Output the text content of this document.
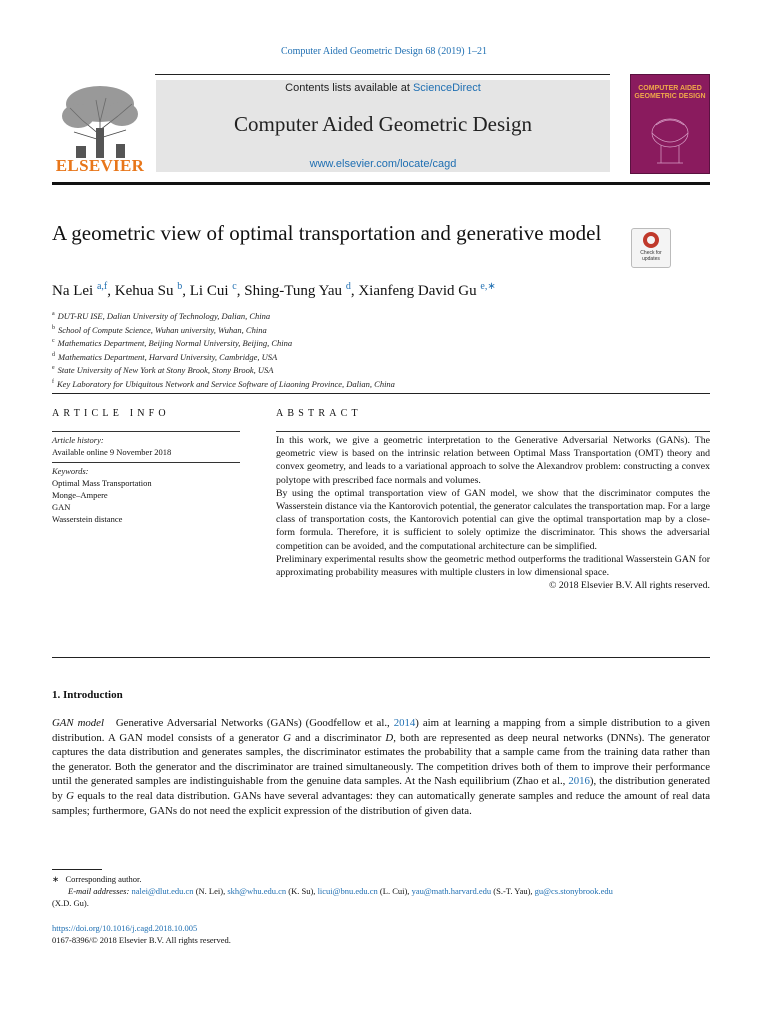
Computer Aided Geometric Design 68 (2019) 1–21
ELSEVIER
Contents lists available at ScienceDirect
Computer Aided Geometric Design
www.elsevier.com/locate/cagd
COMPUTER AIDED GEOMETRIC DESIGN
A geometric view of optimal transportation and generative model
Check for updates
Na Lei $^{a,f}$, Kehua Su $^b$, Li Cui $^c$, Shing-Tung Yau $^d$, Xianfeng David Gu $^{e,∗}$
$^a$ DUT-RU ISE, Dalian University of Technology, Dalian, China
$^b$ School of Compute Science, Wuhan university, Wuhan, China
$^c$ Mathematics Department, Beijing Normal University, Beijing, China
$^d$ Mathematics Department, Harvard University, Cambridge, USA
$^e$ State University of New York at Stony Brook, Stony Brook, USA
$^f$ Key Laboratory for Ubiquitous Network and Service Software of Liaoning Province, Dalian, China
ARTICLE INFO
Article history:
Available online 9 November 2018
Keywords:
Optimal Mass Transportation
Monge–Ampere
GAN
Wasserstein distance
ABSTRACT

In this work, we give a geometric interpretation to the Generative Adversarial Networks (GANs). The geometric view is based on the intrinsic relation between Optimal Mass Transportation (OMT) theory and convex geometry, and leads to a variational approach to solve the Alexandrov problem: constructing a convex polytope with prescribed face normals and volumes.

By using the optimal transportation view of GAN model, we show that the discriminator computes the Wasserstein distance via the Kantorovich potential, the generator calculates the transportation map. For a large class of transportation costs, the Kantorovich potential can give the optimal transportation map by a close-form formula. Therefore, it is sufficient to solely optimize the discriminator. This shows the adversarial competition can be avoided, and the computational architecture can be simplified.

Preliminary experimental results show the geometric method outperforms the traditional Wasserstein GAN for approximating probability measures with multiple clusters in low dimensional space.

© 2018 Elsevier B.V. All rights reserved.
1. Introduction
GAN model Generative Adversarial Networks (GANs) (Goodfellow et al., 2014) aim at learning a mapping from a simple distribution to a given distribution. A GAN model consists of a generator G and a discriminator D, both are represented as deep neural networks (DNNs). The generator captures the data distribution and generates samples, the discriminator estimates the probability that a sample came from the training data rather than the generator. Both the generator and the discriminator are trained simultaneously. The competition drives both of them to improve their performance until the generated samples are indistinguishable from the genuine data samples. At the Nash equilibrium (Zhao et al., 2016), the distribution generated by G equals to the real data distribution. GANs have several advantages: they can automatically generate samples and reduce the amount of real data samples; furthermore, GANs do not need the explicit expression of the distribution of given data.
∗ Corresponding author.
E-mail addresses: nalei@dlut.edu.cn (N. Lei), skh@whu.edu.cn (K. Su), licui@bnu.edu.cn (L. Cui), yau@math.harvard.edu (S.-T. Yau), gu@cs.stonybrook.edu
(X.D. Gu).
https://doi.org/10.1016/j.cagd.2018.10.005
0167-8396/© 2018 Elsevier B.V. All rights reserved.
